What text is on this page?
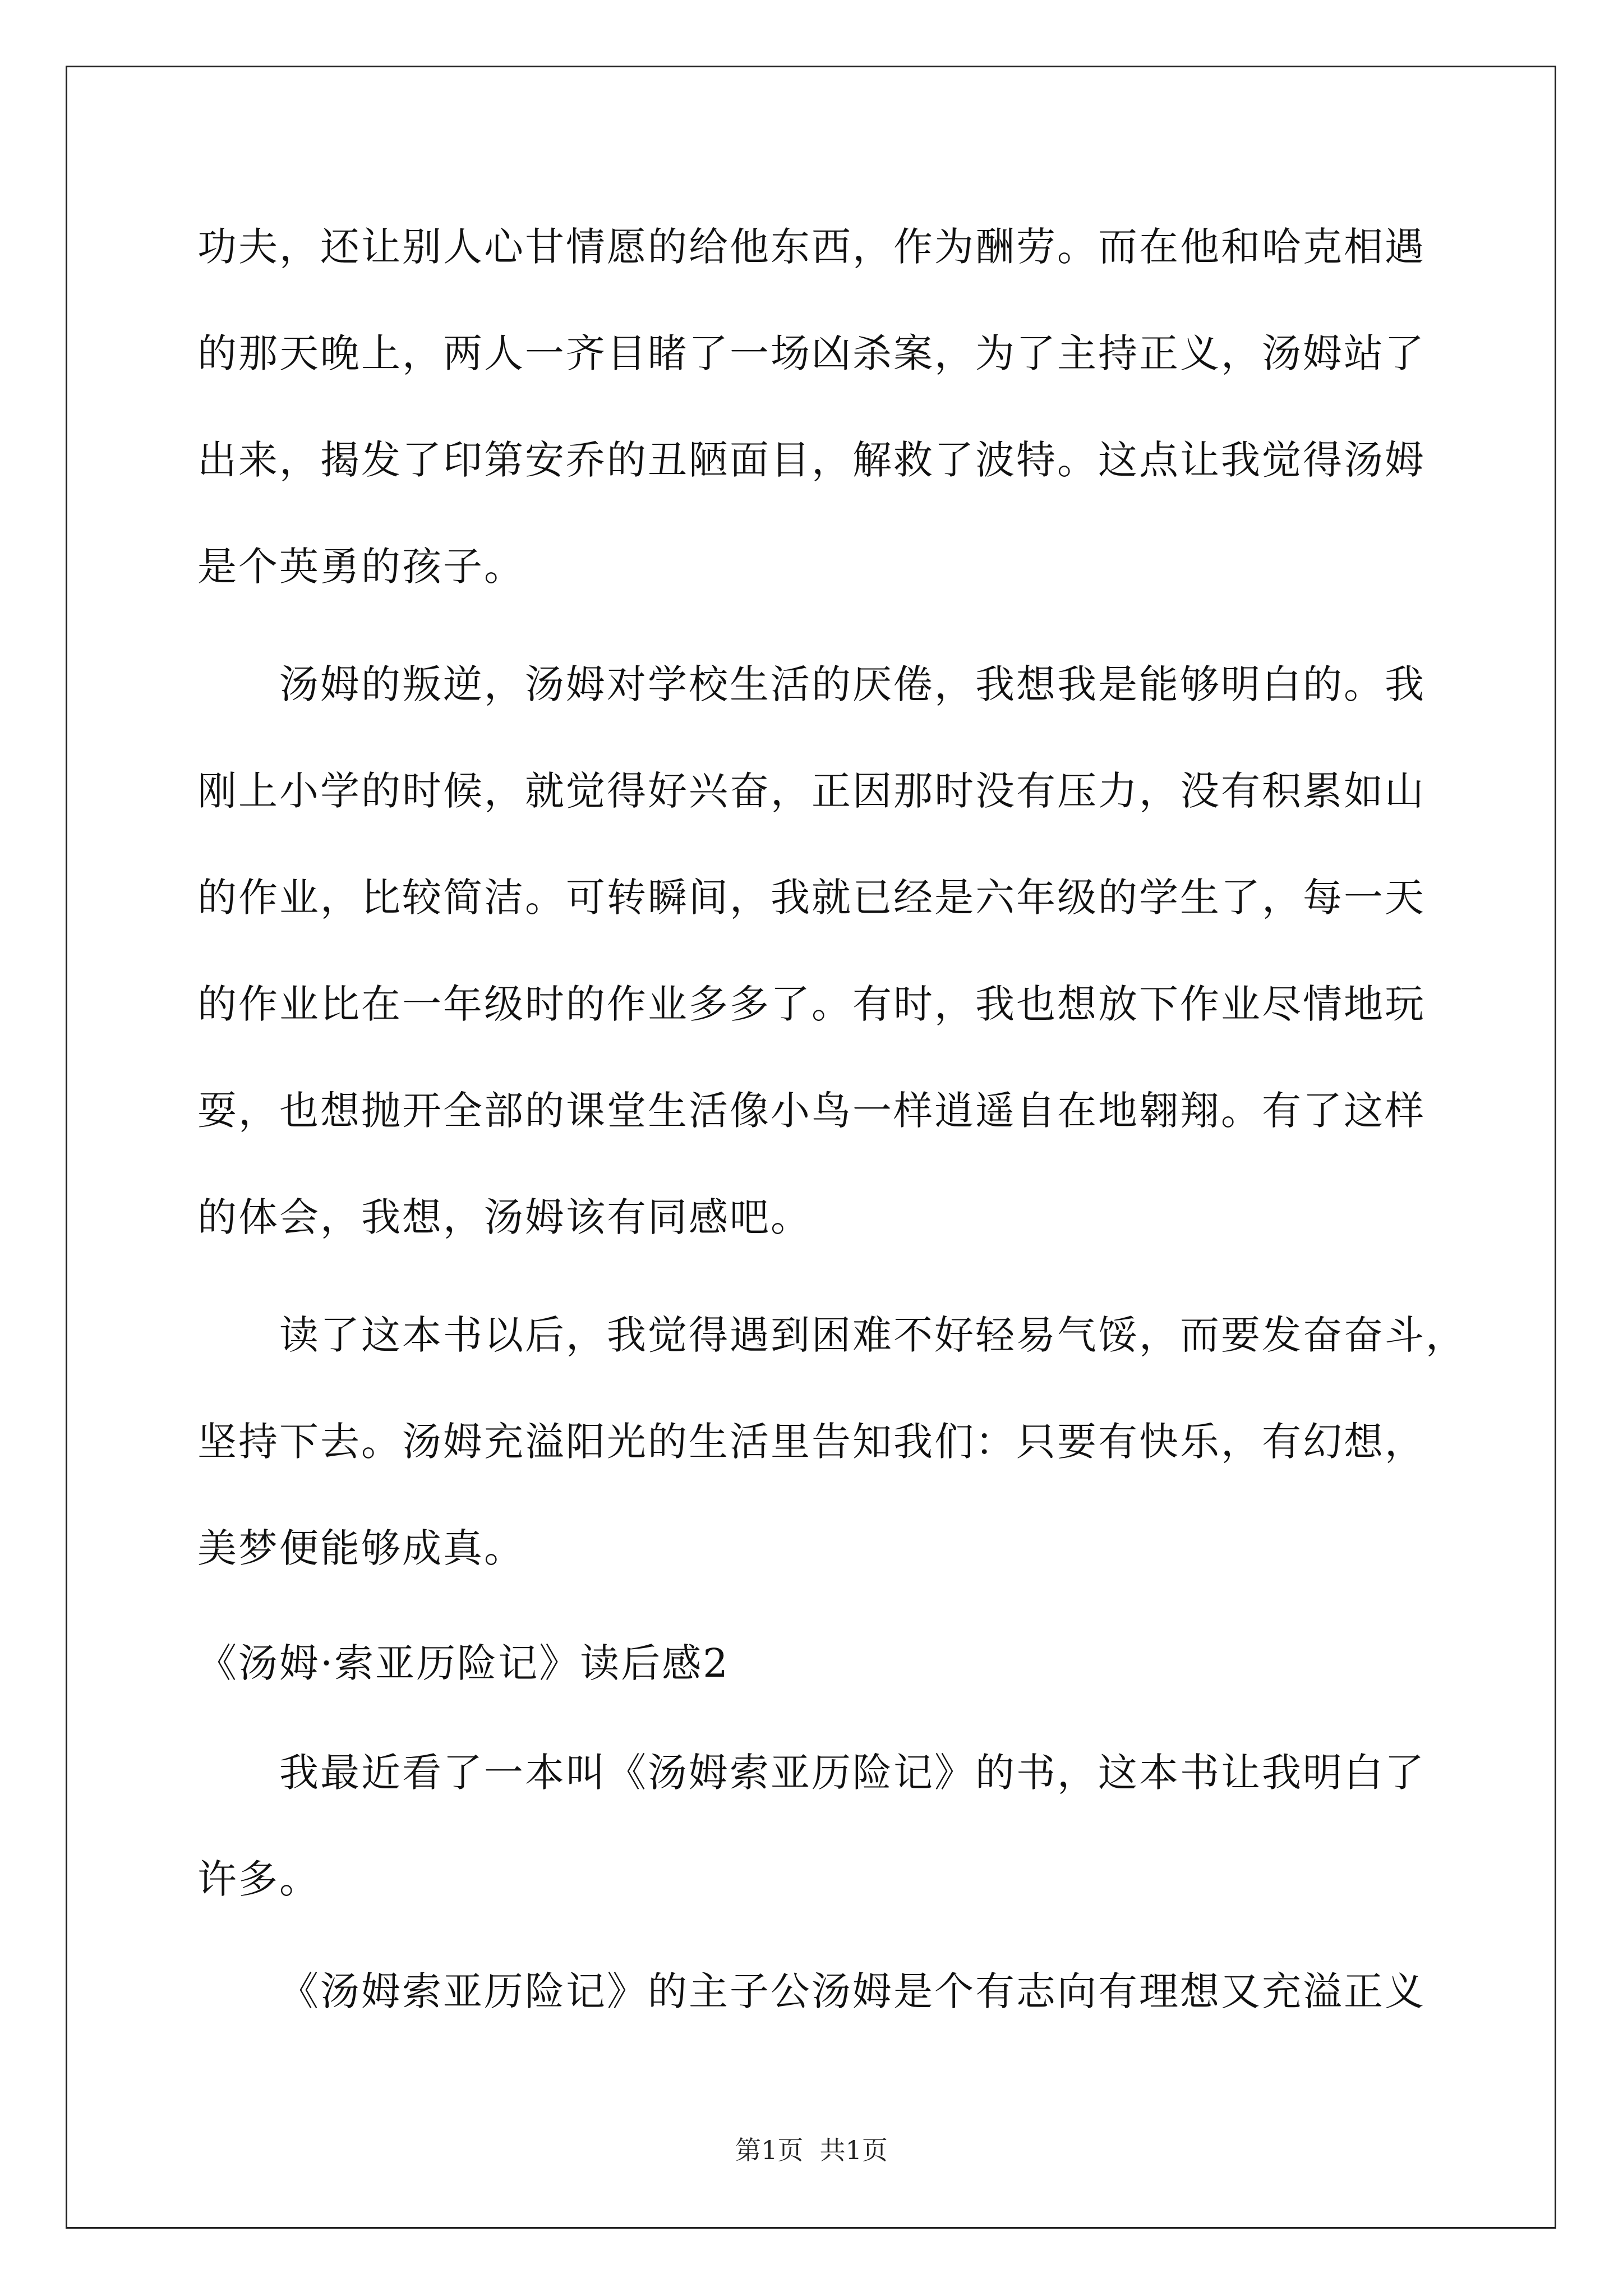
功夫，还让别人心甘情愿的给他东西，作为酬劳。而在他和哈克相遇

的那天晚上，两人一齐目睹了一场凶杀案，为了主持正义，汤姆站了

出来，揭发了印第安乔的丑陋面目，解救了波特。这点让我觉得汤姆

是个英勇的孩子。

汤姆的叛逆，汤姆对学校生活的厌倦，我想我是能够明白的。我

刚上小学的时候，就觉得好兴奋，正因那时没有压力，没有积累如山

的作业，比较简洁。可转瞬间，我就已经是六年级的学生了，每一天

的作业比在一年级时的作业多多了。有时，我也想放下作业尽情地玩

耍，也想抛开全部的课堂生活像小鸟一样逍遥自在地翱翔。有了这样

的体会，我想，汤姆该有同感吧。

读了这本书以后，我觉得遇到困难不好轻易气馁，而要发奋奋斗，

坚持下去。汤姆充溢阳光的生活里告知我们：只要有快乐，有幻想，

美梦便能够成真。

《汤姆·索亚历险记》读后感2

我最近看了一本叫《汤姆索亚历险记》的书，这本书让我明白了

许多。

《汤姆索亚历险记》的主子公汤姆是个有志向有理想又充溢正义

第1页  共1页
